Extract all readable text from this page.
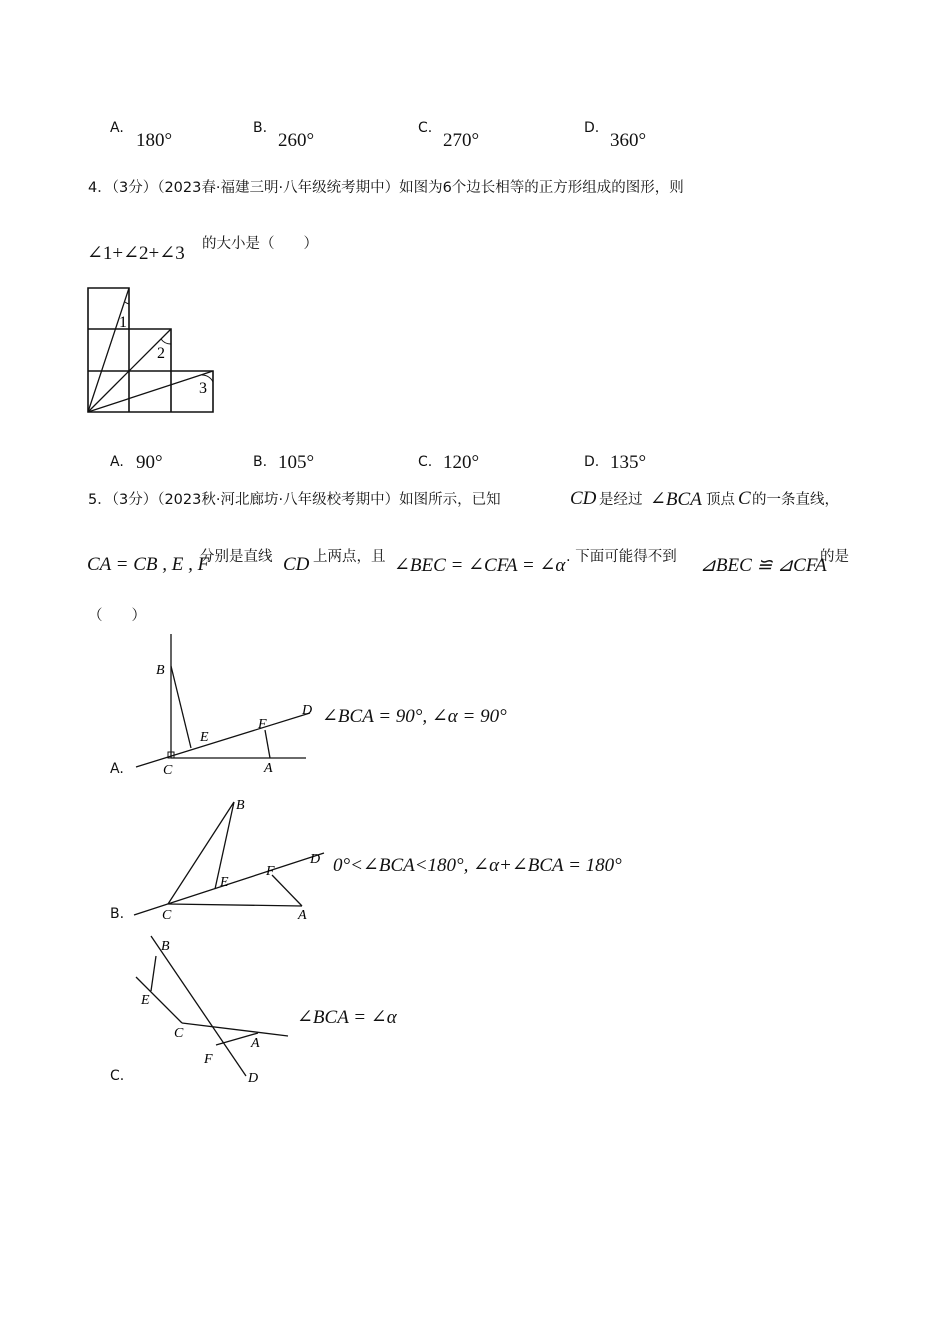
A.
180°
B.
260°
C.
270°
D.
360°
4．（3分）（2023春·福建三明·八年级统考期中）如图为6个边长相等的正方形组成的图形，则
∠1+∠2+∠3 的大小是（　　）
1
2
3
A. 90°	B. 105°	C. 120°	D. 135°
5．（3分）（2023秋·河北廊坊·八年级校考期中）如图所示，已知	CD 是经过 ∠BCA 顶点 C 的一条直线，
CA = CB , E , F
分别是直线 CD 上两点，且 ∠BEC = ∠CFA = ∠α . 下面可能得不到 ⊿BEC ≌ ⊿CFA
的是
（　　）
A.
B
E
F
D
C	A
∠BCA = 90°, ∠α = 90°
B.
B
E
F
D
C	A
0°<∠BCA<180°, ∠α+∠BCA = 180°
C.
B
E
C
A
F
D
∠BCA = ∠α
